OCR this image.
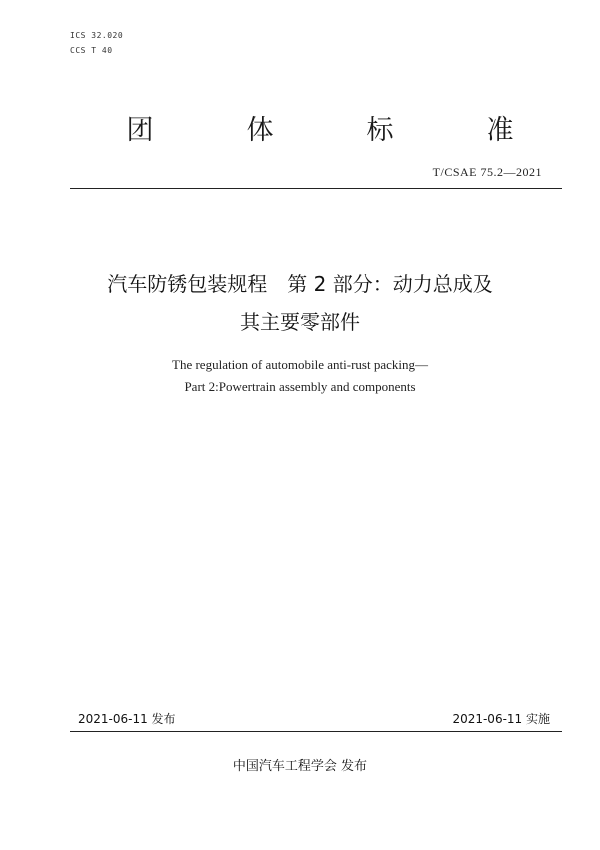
ICS 32.020
CCS T 40
团	体	标	准
T/CSAE 75.2—2021
汽车防锈包装规程　第 2 部分：动力总成及
其主要零部件
The regulation of automobile anti-rust packing—
Part 2:Powertrain assembly and components
2021-06-11 发布	2021-06-11 实施
中国汽车工程学会 发布
